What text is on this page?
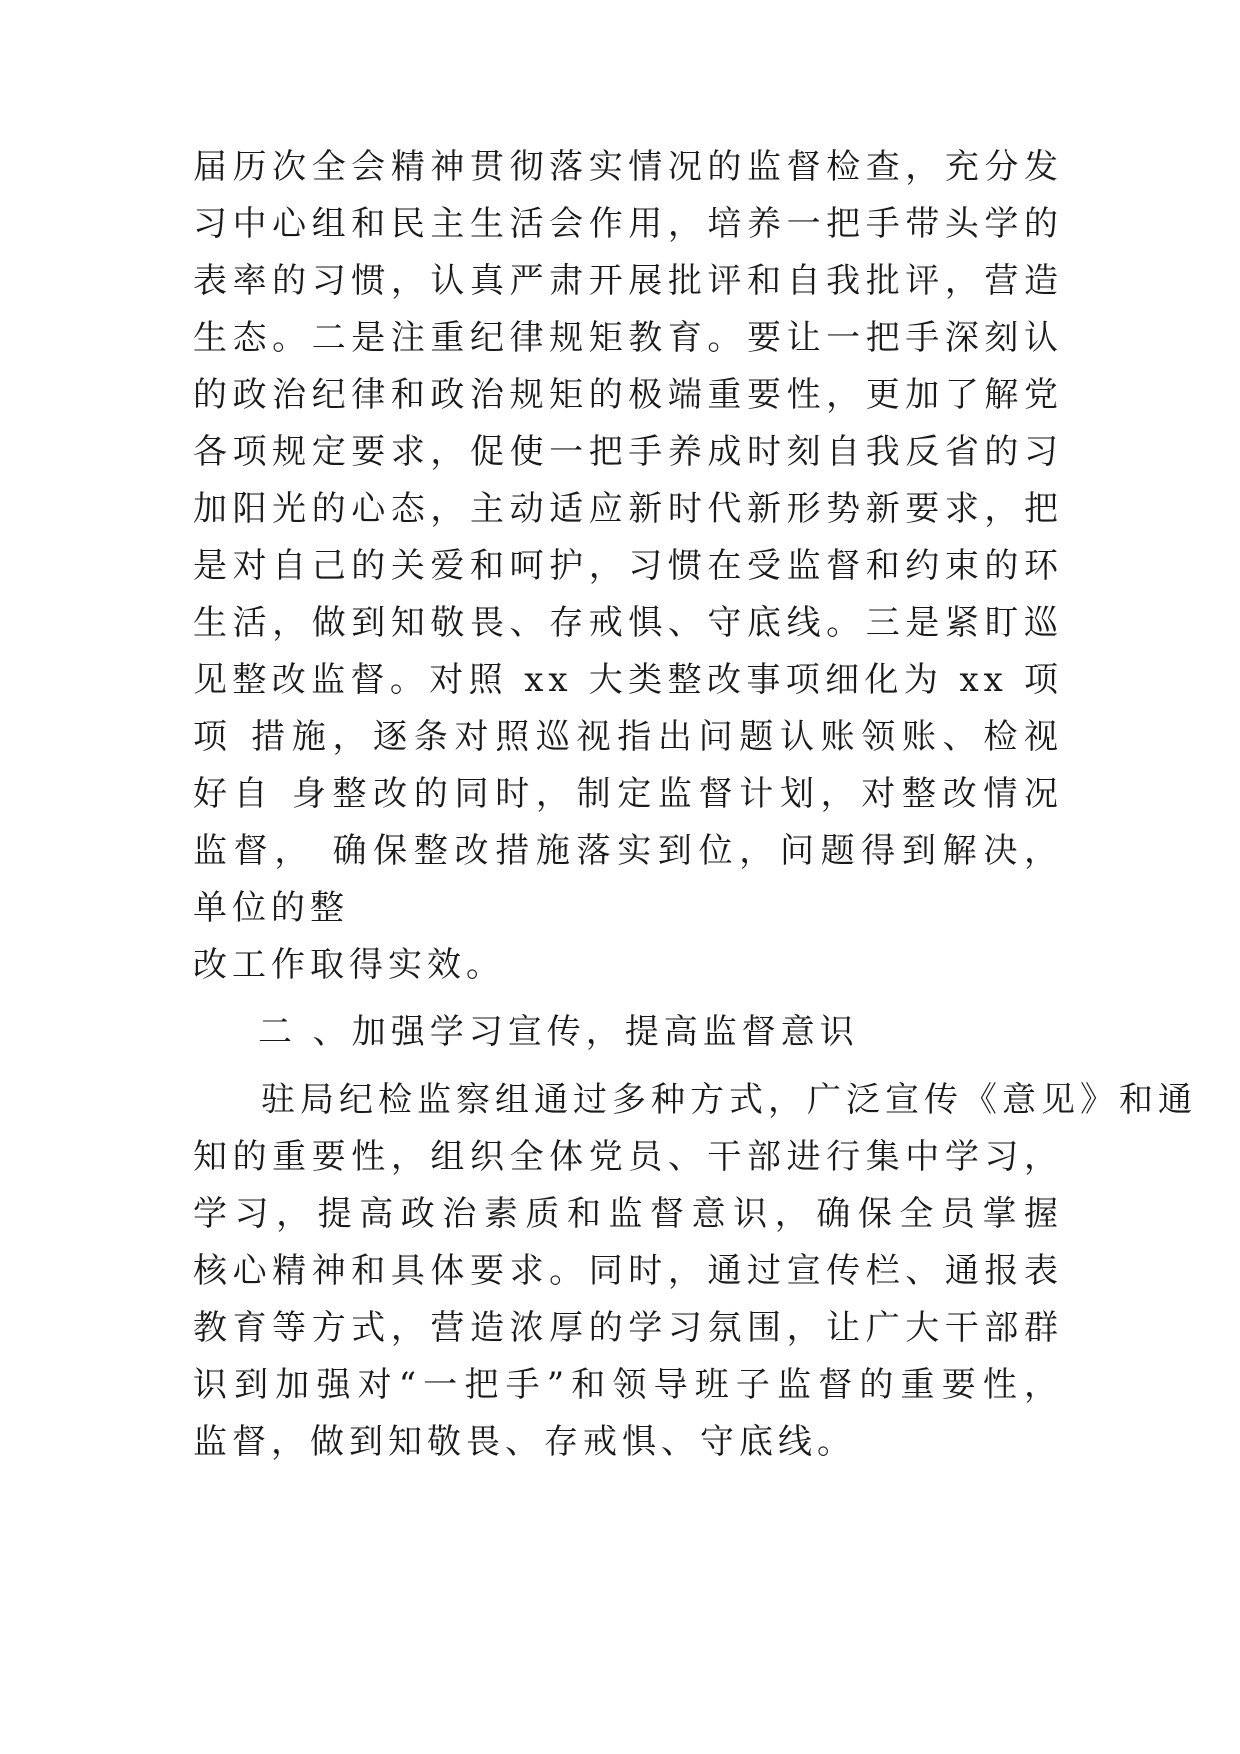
届历次全会精神贯彻落实情况的监督检查，充分发
习中心组和民主生活会作用，培养一把手带头学的
表率的习惯，认真严肃开展批评和自我批评，营造
生态。二是注重纪律规矩教育。要让一把手深刻认
的政治纪律和政治规矩的极端重要性，更加了解党
各项规定要求，促使一把手养成时刻自我反省的习
加阳光的心态，主动适应新时代新形势新要求，把
是对自己的关爱和呵护，习惯在受监督和约束的环
生活，做到知敬畏、存戒惧、守底线。三是紧盯巡
见整改监督。对照 xx 大类整改事项细化为 xx 项
项 措施，逐条对照巡视指出问题认账领账、检视
好自 身整改的同时，制定监督计划，对整改情况
监督， 确保整改措施落实到位，问题得到解决，
单位的整
改工作取得实效。
二 、加强学习宣传，提高监督意识
驻局纪检监察组通过多种方式，广泛宣传《意见》和通
知的重要性，组织全体党员、干部进行集中学习，
学习，提高政治素质和监督意识，确保全员掌握
核心精神和具体要求。同时，通过宣传栏、通报表
教育等方式，营造浓厚的学习氛围，让广大干部群
识到加强对“一把手”和领导班子监督的重要性，
监督，做到知敬畏、存戒惧、守底线。
